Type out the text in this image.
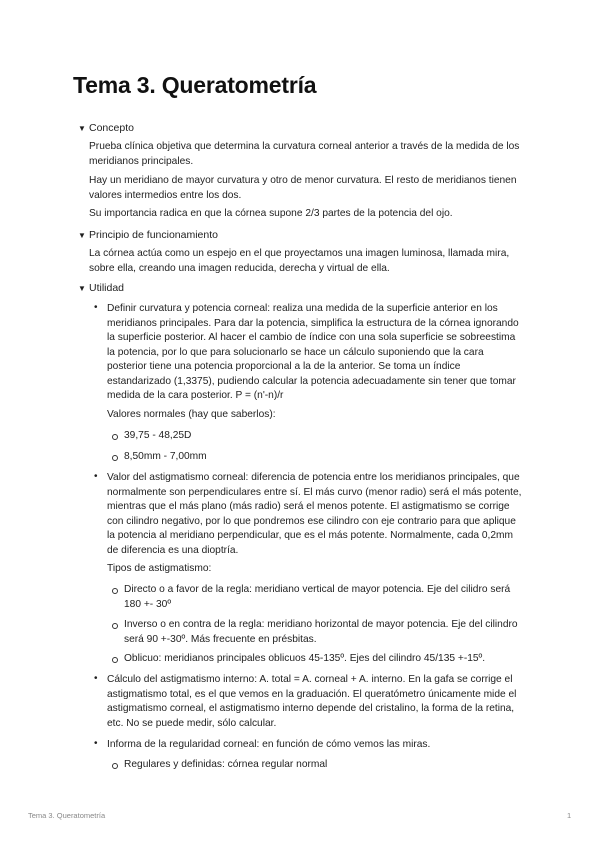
Tema 3. Queratometría
▼ Concepto

Prueba clínica objetiva que determina la curvatura corneal anterior a través de la medida de los
meridianos principales.

Hay un meridiano de mayor curvatura y otro de menor curvatura. El resto de meridianos tienen
valores intermedios entre los dos.

Su importancia radica en que la córnea supone 2/3 partes de la potencia del ojo.

▼ Principio de funcionamiento

La córnea actúa como un espejo en el que proyectamos una imagen luminosa, llamada mira,
sobre ella, creando una imagen reducida, derecha y virtual de ella.

▼ Utilidad
• Definir curvatura y potencia corneal: realiza una medida de la superficie anterior en los
meridianos principales. Para dar la potencia, simplifica la estructura de la córnea ignorando
la superficie posterior. Al hacer el cambio de índice con una sola superficie se sobreestima
la potencia, por lo que para solucionarlo se hace un cálculo suponiendo que la cara
posterior tiene una potencia proporcional a la de la anterior. Se toma un índice
estandarizado (1,3375), pudiendo calcular la potencia adecuadamente sin tener que tomar
medida de la cara posterior. P = (n'-n)/r

Valores normales (hay que saberlos):

39,75 - 48,25D

8,50mm - 7,00mm

• Valor del astigmatismo corneal: diferencia de potencia entre los meridianos principales, que
normalmente son perpendiculares entre sí. El más curvo (menor radio) será el más potente,
mientras que el más plano (más radio) será el menos potente. El astigmatismo se corrige
con cilindro negativo, por lo que pondremos ese cilindro con eje contrario para que aplique
la potencia al meridiano perpendicular, que es el más potente. Normalmente, cada 0,2mm
de diferencia es una dioptría.

Tipos de astigmatismo:

Directo o a favor de la regla: meridiano vertical de mayor potencia. Eje del cilidro será
180 +- 30º

Inverso o en contra de la regla: meridiano horizontal de mayor potencia. Eje del cilindro
será 90 +-30º. Más frecuente en présbitas.

Oblicuo: meridianos principales oblicuos 45-135º. Ejes del cilindro 45/135 +-15º.

• Cálculo del astigmatismo interno: A. total = A. corneal + A. interno. En la gafa se corrige el
astigmatismo total, es el que vemos en la graduación. El queratómetro únicamente mide el
astigmatismo corneal, el astigmatismo interno depende del cristalino, la forma de la retina,
etc. No se puede medir, sólo calcular.

• Informa de la regularidad corneal: en función de cómo vemos las miras.

Regulares y definidas: córnea regular normal

Tema 3. Queratometría	1
